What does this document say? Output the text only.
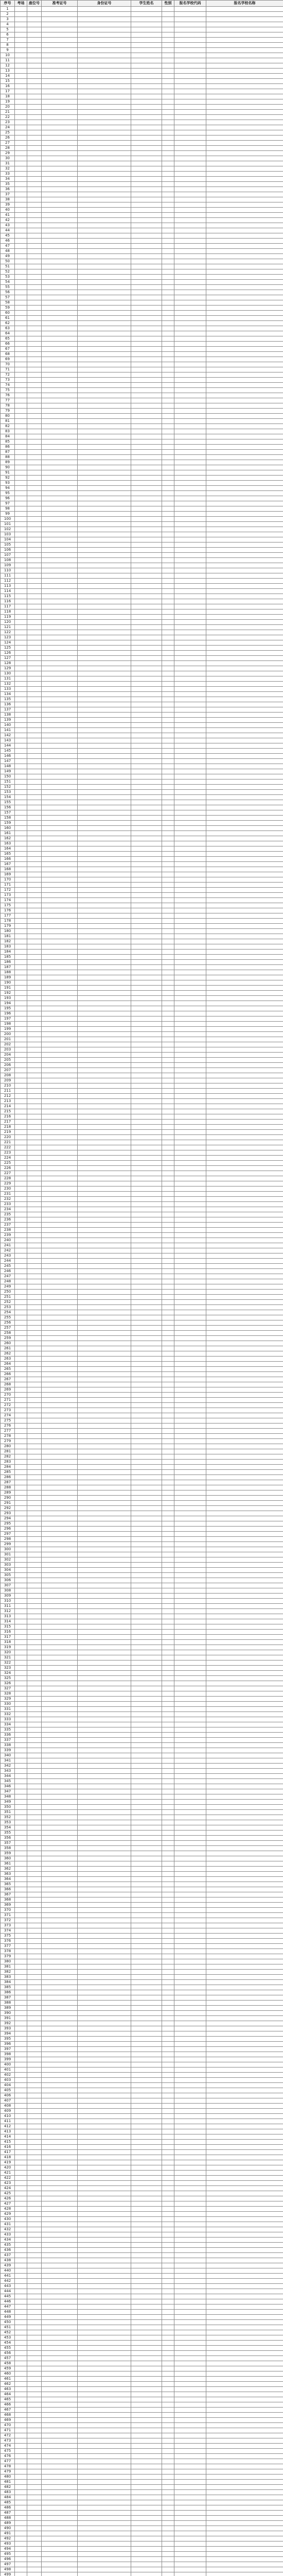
序号	考场	座位号	准考证号	身份证号	学生姓名	性别	报名学校代码	报名学校名称
1								
2								
3								
4								
5								
6								
7								
8								
9								
10								
11								
12								
13								
14								
15								
16								
17								
18								
19								
20								
21								
22								
23								
24								
25								
26								
27								
28								
29								
30								
31								
32								
33								
34								
35								
36								
37								
38								
39								
40								
41								
42								
43								
44								
45								
46								
47								
48								
49								
50								
51								
52								
53								
54								
55								
56								
57								
58								
59								
60								
61								
62								
63								
64								
65								
66								
67								
68								
69								
70								
71								
72								
73								
74								
75								
76								
77								
78								
79								
80								
81								
82								
83								
84								
85								
86								
87								
88								
89								
90								
91								
92								
93								
94								
95								
96								
97								
98								
99								
100								
101								
102								
103								
104								
105								
106								
107								
108								
109								
110								
111								
112								
113								
114								
115								
116								
117								
118								
119								
120								
121								
122								
123								
124								
125								
126								
127								
128								
129								
130								
131								
132								
133								
134								
135								
136								
137								
138								
139								
140								
141								
142								
143								
144								
145								
146								
147								
148								
149								
150								
151								
152								
153								
154								
155								
156								
157								
158								
159								
160								
161								
162								
163								
164								
165								
166								
167								
168								
169								
170								
171								
172								
173								
174								
175								
176								
177								
178								
179								
180								
181								
182								
183								
184								
185								
186								
187								
188								
189								
190								
191								
192								
193								
194								
195								
196								
197								
198								
199								
200								
201								
202								
203								
204								
205								
206								
207								
208								
209								
210								
211								
212								
213								
214								
215								
216								
217								
218								
219								
220								
221								
222								
223								
224								
225								
226								
227								
228								
229								
230								
231								
232								
233								
234								
235								
236								
237								
238								
239								
240								
241								
242								
243								
244								
245								
246								
247								
248								
249								
250								
251								
252								
253								
254								
255								
256								
257								
258								
259								
260								
261								
262								
263								
264								
265								
266								
267								
268								
269								
270								
271								
272								
273								
274								
275								
276								
277								
278								
279								
280								
281								
282								
283								
284								
285								
286								
287								
288								
289								
290								
291								
292								
293								
294								
295								
296								
297								
298								
299								
300								
301								
302								
303								
304								
305								
306								
307								
308								
309								
310								
311								
312								
313								
314								
315								
316								
317								
318								
319								
320								
321								
322								
323								
324								
325								
326								
327								
328								
329								
330								
331								
332								
333								
334								
335								
336								
337								
338								
339								
340								
341								
342								
343								
344								
345								
346								
347								
348								
349								
350								
351								
352								
353								
354								
355								
356								
357								
358								
359								
360								
361								
362								
363								
364								
365								
366								
367								
368								
369								
370								
371								
372								
373								
374								
375								
376								
377								
378								
379								
380								
381								
382								
383								
384								
385								
386								
387								
388								
389								
390								
391								
392								
393								
394								
395								
396								
397								
398								
399								
400								
401								
402								
403								
404								
405								
406								
407								
408								
409								
410								
411								
412								
413								
414								
415								
416								
417								
418								
419								
420								
421								
422								
423								
424								
425								
426								
427								
428								
429								
430								
431								
432								
433								
434								
435								
436								
437								
438								
439								
440								
441								
442								
443								
444								
445								
446								
447								
448								
449								
450								
451								
452								
453								
454								
455								
456								
457								
458								
459								
460								
461								
462								
463								
464								
465								
466								
467								
468								
469								
470								
471								
472								
473								
474								
475								
476								
477								
478								
479								
480								
481								
482								
483								
484								
485								
486								
487								
488								
489								
490								
491								
492								
493								
494								
495								
496								
497								
498								
499								
